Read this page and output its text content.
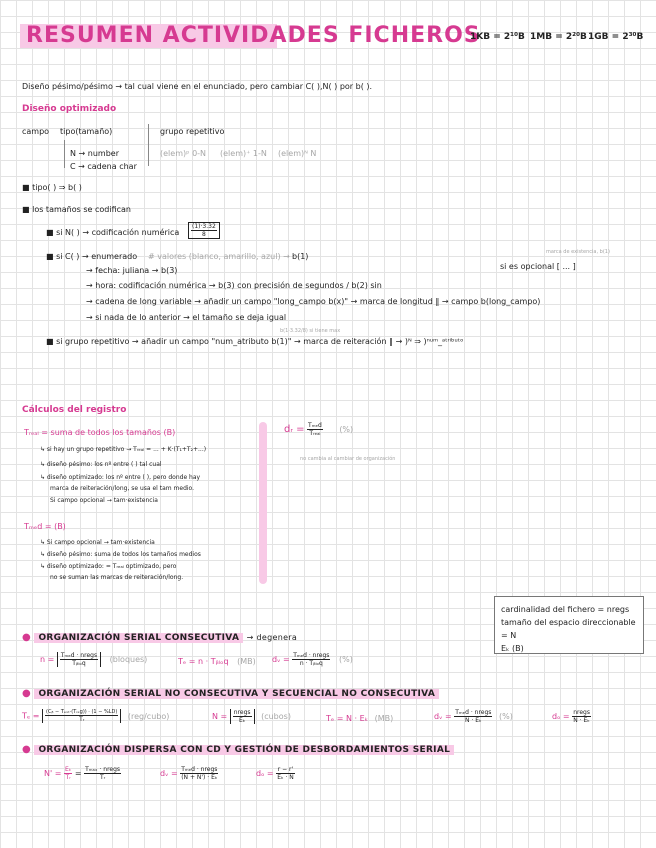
RESUMEN ACTIVIDADES FICHEROS
1KB = 2¹⁰B 1MB = 2²⁰B 1GB = 2³⁰B
Diseño pésimo/pésimo → tal cual viene en el enunciado, pero cambiar C( ),N( ) por b( ).
Diseño optimizado
campo tipo(tamaño)	grupo repetitivo
N → number
C → cadena char
(elem)ᵖ 0-N (elem)⁺ 1-N (elem)ᴺ N
■ tipo( ) ⇒ b( )
■ los tamaños se codifican
■ si N( ) → codificación numérica $\frac{(1)\cdot 3.32}{8}$
■ si C( ) → enumerado # valores (blanco, amarillo, azul) → b(1)
→ fecha: juliana → b(3)
→ hora: codificación numérica → b(3) con precisión de segundos / b(2) sin
→ cadena de long variable → añadir un campo "long_campo b(x)" → marca de longitud ‖ → campo b(long_campo)
→ si nada de lo anterior → el tamaño se deja igual
marca de existencia, b(1)
si es opcional [ ... ]
b(1·3.32/8) si tiene max
■ si grupo repetitivo → añadir un campo "num_atributo b(1)" → marca de reiteración ‖ → )ᴺ ⇒ )ⁿᵘᵐ_ᵃᵗʳⁱᵇᵘᵗᵒ
Cálculos del registro
Tᵣₑₐₗ = suma de todos los tamaños (B)
↳ si hay un grupo repetitivo → Tᵣₑₐₗ = ... + K·(T₁+T₂+...)
↳ diseño pésimo: los nº entre ( ) tal cual
↳ diseño optimizado: los nº entre ( ), pero donde hay
marca de reiteración/long, se usa el tam medio.
Si campo opcional → tam·existencia
Tₘₑd = (B)
↳ Si campo opcional → tam·existencia
↳ diseño pésimo: suma de todos los tamaños medios
↳ diseño optimizado: = Tᵣₑₐₗ optimizado, pero
no se suman las marcas de reiteración/long.
dᵣ = $\frac{\text{Tₘₑd}}{\text{Tᵣₑₐₗ}}$ (%)
no cambia al cambiar de organización
cardinalidad del fichero = nregs
tamaño del espacio direccionable = N
Eₖ (B)
● ORGANIZACIÓN SERIAL CONSECUTIVA → degenera
$n = \frac{\text{Tₘₑd · nregs}}{\text{Tᵦₗₒq}}$ (bloques)	Tₑ = n · Tᵦₗₒq (MB) dᵥ = $\frac{\text{Tₘₑd · nregs}}{\text{n · Tᵦₗₒq}}$ (%)
● ORGANIZACIÓN SERIAL NO CONSECUTIVA Y SECUENCIAL NO CONSECUTIVA
$T_e = \frac{\text{(Cᵦ − Tₑₓₜ·(Tᵣₑg)) · (1 − \%LD)}}{\text{Tᵣ}}$ (reg/cubo)	$N = \frac{\text{nregs}}{\text{Eₖ}}$ (cubos)	Tₑ = N · Eₖ (MB)	dᵥ = $\frac{\text{Tₘₑd · nregs}}{\text{N · Eₖ}}$ (%)	$d_o = \frac{\text{nregs}}{\text{N · Eₖ}}$
● ORGANIZACIÓN DISPERSA CON CD Y GESTIÓN DE DESBORDAMIENTOS SERIAL
$N' = \frac{\text{Eₖ}}{\text{Tᵣ}} = \frac{\text{Tₘₐₓ · nregs}}{\text{Tᵣ}}$	dᵥ = $\frac{\text{Tₘₑd · nregs}}{\text{(N + N') · Eₖ}}$	$d_o = \frac{r - r'}{\text{Eₖ · N}}$
